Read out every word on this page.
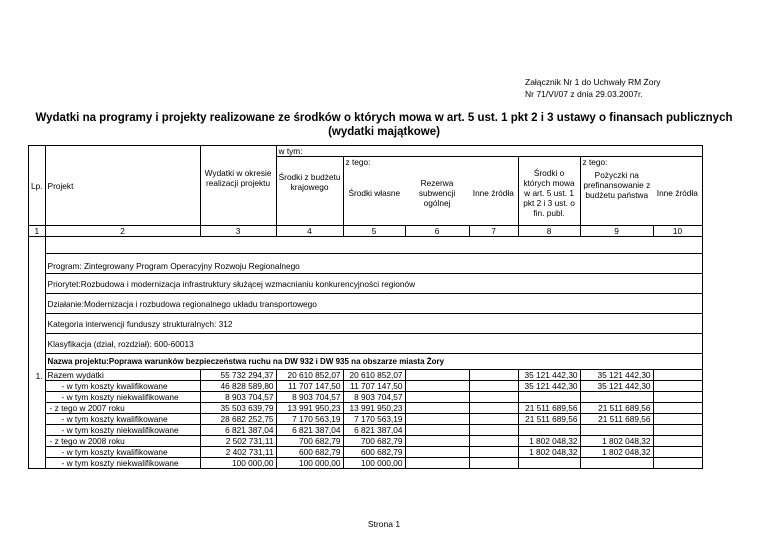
Załącznik Nr 1 do Uchwały RM Żory
Nr 71/VI/07 z dnia 29.03.2007r.
Wydatki na programy i projekty realizowane ze środków o których mowa w art. 5 ust. 1 pkt 2 i 3 ustawy o finansach publicznych
(wydatki majątkowe)
			w tym:						
				z tego:				z tego:	
Lp.	Projekt	Wydatki w okresie realizacji projektu	Środki z budżetu krajowego	Środki własne	Rezerwa subwencji ogólnej	Inne źródła	Środki o których mowa w art. 5 ust. 1 pkt 2 i 3 ust. o fin. publ.	Pożyczki na prefinansowanie z budżetu państwa	Inne źródła
1	2	3	4	5	6	7	8	9	10

	Program: Zintegrowany Program Operacyjny Rozwoju Regionalnego								
	Priorytet:Rozbudowa i modernizacja infrastruktury służącej wzmacnianiu konkurencyjności regionów								
	Działanie:Modernizacja i rozbudowa regionalnego układu transportowego								
	Kategoria interwencji funduszy strukturalnych: 312								
	Klasyfikacja (dział, rozdział): 600-60013								
	Nazwa projektu:Poprawa warunków bezpieczeństwa ruchu na DW 932 i DW 935 na obszarze miasta Żory								
1.	Razem wydatki	55 732 294,37	20 610 852,07	20 610 852,07			35 121 442,30	35 121 442,30	
	- w tym koszty kwalifikowane	46 828 589,80	11 707 147,50	11 707 147,50			35 121 442,30	35 121 442,30	
	- w tym koszty niekwalifikowane	8 903 704,57	8 903 704,57	8 903 704,57					
	- z tego w 2007 roku	35 503 639,79	13 991 950,23	13 991 950,23			21 511 689,56	21 511 689,56	
	- w tym koszty kwalifikowane	28 682 252,75	7 170 563,19	7 170 563,19			21 511 689,56	21 511 689,56	
	- w tym koszty niekwalifikowane	6 821 387,04	6 821 387,04	6 821 387,04					
	- z tego w 2008 roku	2 502 731,11	700 682,79	700 682,79			1 802 048,32	1 802 048,32	
	- w tym koszty kwalifikowane	2 402 731,11	600 682,79	600 682,79			1 802 048,32	1 802 048,32	
	- w tym koszty niekwalifikowane	100 000,00	100 000,00	100 000,00					
Strona 1
